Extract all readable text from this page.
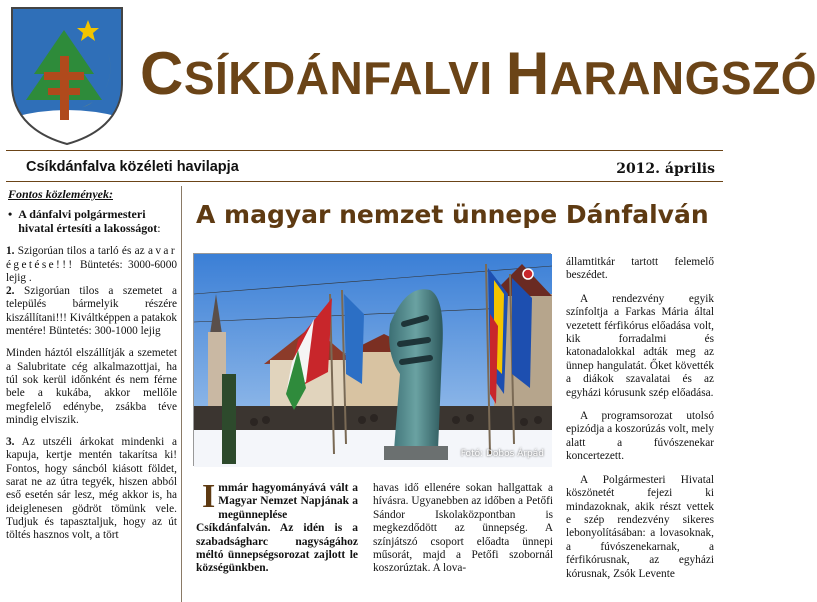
CSÍKDÁNFALVI HARANGSZÓ
Csíkdánfalva közéleti havilapja	2012. április
Fontos közlemények:
• A dánfalvi polgármesteri hivatal értesíti a lakosságot:

1. Szigorúan tilos a tarló és az avar égetése!!! Büntetés: 3000-6000 lejig .
2. Szigorúan tilos a szemetet a település bármelyik részére kiszállítani!!! Kiváltképpen a patakok mentére! Büntetés: 300-1000 lejig

Minden háztól elszállítják a szemetet a Salubritate cég alkalmazottjai, ha túl sok kerül időnként és nem férne bele a kukába, akkor mellőle megfelelő edénybe, zsákba téve mindig elviszik.

3. Az utszéli árkokat mindenki a kapuja, kertje mentén takarítsa ki! Fontos, hogy sáncból kiásott földet, sarat ne az útra tegyék, hiszen abból eső esetén sár lesz, még akkor is, ha ideiglenesen gödröt tömünk vele. Tudjuk és tapasztaljuk, hogy az út töltés hasznos volt, a tört

A magyar nemzet ünnepe Dánfalván
Fotó: Dobos Árpád

államtitkár tartott felemelő beszédet.

A rendezvény egyik színfoltja a Farkas Mária által vezetett férfikórus előadása volt, kik forradalmi és katonadalokkal adták meg az ünnep hangulatát. Őket követték a diákok szavalatai és az egyházi kórusunk szép előadása.

A programsorozat utolsó epizódja a koszorúzás volt, mely alatt a fúvószenekar koncertezett.

A Polgármesteri Hivatal köszönetét fejezi ki mindazoknak, akik részt vettek e szép rendezvény sikeres lebonyolításában: a lovasoknak, a fúvószenekarnak, a férfikórusnak, az egyházi kórusnak, Zsók Levente

Immár hagyományává vált a Magyar Nemzet Napjának a megünneplése Csíkdánfalván. Az idén is a szabadságharc nagyságához méltó ünnepségsorozat zajlott le községünkben.
havas idő ellenére sokan hallgattak a hívásra. Ugyanebben az időben a Petőfi Sándor Iskolaközpontban is megkezdődött az ünnepség. A színjátszó csoport előadta ünnepi műsorát, majd a Petőfi szobornál koszorúztak. A lova-
